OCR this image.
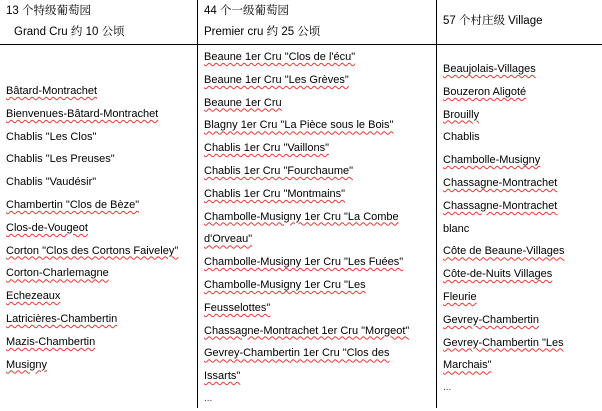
13 个特级葡萄园
Grand Cru 约 10 公顷
44 个一级葡萄园
Premier cru 约 25 公顷
57 个村庄级 Village
Bâtard-Montrachet
Bienvenues-Bâtard-Montrachet
Chablis "Les Clos"
Chablis "Les Preuses"
Chablis "Vaudésir"
Chambertin "Clos de Bèze"
Clos-de-Vougeot
Corton "Clos des Cortons Faiveley"
Corton-Charlemagne
Echezeaux
Latricières-Chambertin
Mazis-Chambertin
Musigny
Beaune 1er Cru "Clos de l'écu"
Beaune 1er Cru "Les Grèves"
Beaune 1er Cru
Blagny 1er Cru "La Pièce sous le Bois"
Chablis 1er Cru "Vaillons"
Chablis 1er Cru "Fourchaume"
Chablis 1er Cru "Montmains"
Chambolle-Musigny 1er Cru "La Combe
d'Orveau"
Chambolle-Musigny 1er Cru "Les Fuées"
Chambolle-Musigny 1er Cru "Les
Feusselottes"
Chassagne-Montrachet 1er Cru "Morgeot"
Gevrey-Chambertin 1er Cru "Clos des
Issarts"
...
Beaujolais-Villages
Bouzeron Aligoté
Brouilly
Chablis
Chambolle-Musigny
Chassagne-Montrachet
Chassagne-Montrachet
blanc
Côte de Beaune-Villages
Côte-de-Nuits Villages
Fleurie
Gevrey-Chambertin
Gevrey-Chambertin "Les
Marchais"
...
